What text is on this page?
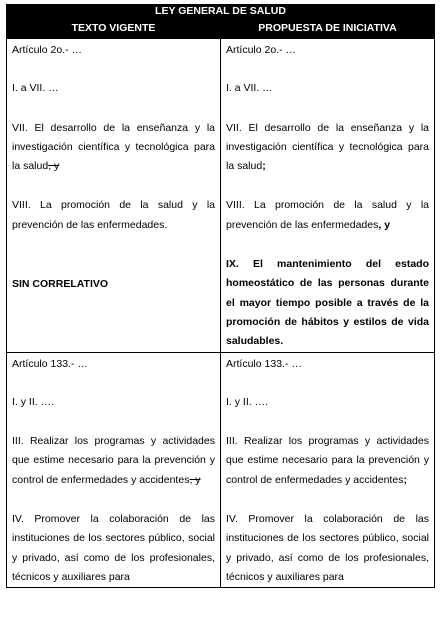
LEY GENERAL DE SALUD
TEXTO VIGENTE	PROPUESTA DE INICIATIVA

Artículo 2o.- …

I. a VII. …

VII. El desarrollo de la enseñanza y la investigación científica y tecnológica para la salud, y

VIII. La promoción de la salud y la prevención de las enfermedades.

SIN CORRELATIVO

Artículo 2o.- …

I. a VII. …

VII. El desarrollo de la enseñanza y la investigación científica y tecnológica para la salud;

VIII. La promoción de la salud y la prevención de las enfermedades, y

IX. El mantenimiento del estado homeostático de las personas durante el mayor tiempo posible a través de la promoción de hábitos y estilos de vida saludables.

Artículo 133.- …

I. y II. ….

III. Realizar los programas y actividades que estime necesario para la prevención y control de enfermedades y accidentes, y

IV. Promover la colaboración de las instituciones de los sectores público, social y privado, así como de los profesionales, técnicos y auxiliares para

Artículo 133.- …

I. y II. ….

III. Realizar los programas y actividades que estime necesario para la prevención y control de enfermedades y accidentes;

IV. Promover la colaboración de las instituciones de los sectores público, social y privado, así como de los profesionales, técnicos y auxiliares para
